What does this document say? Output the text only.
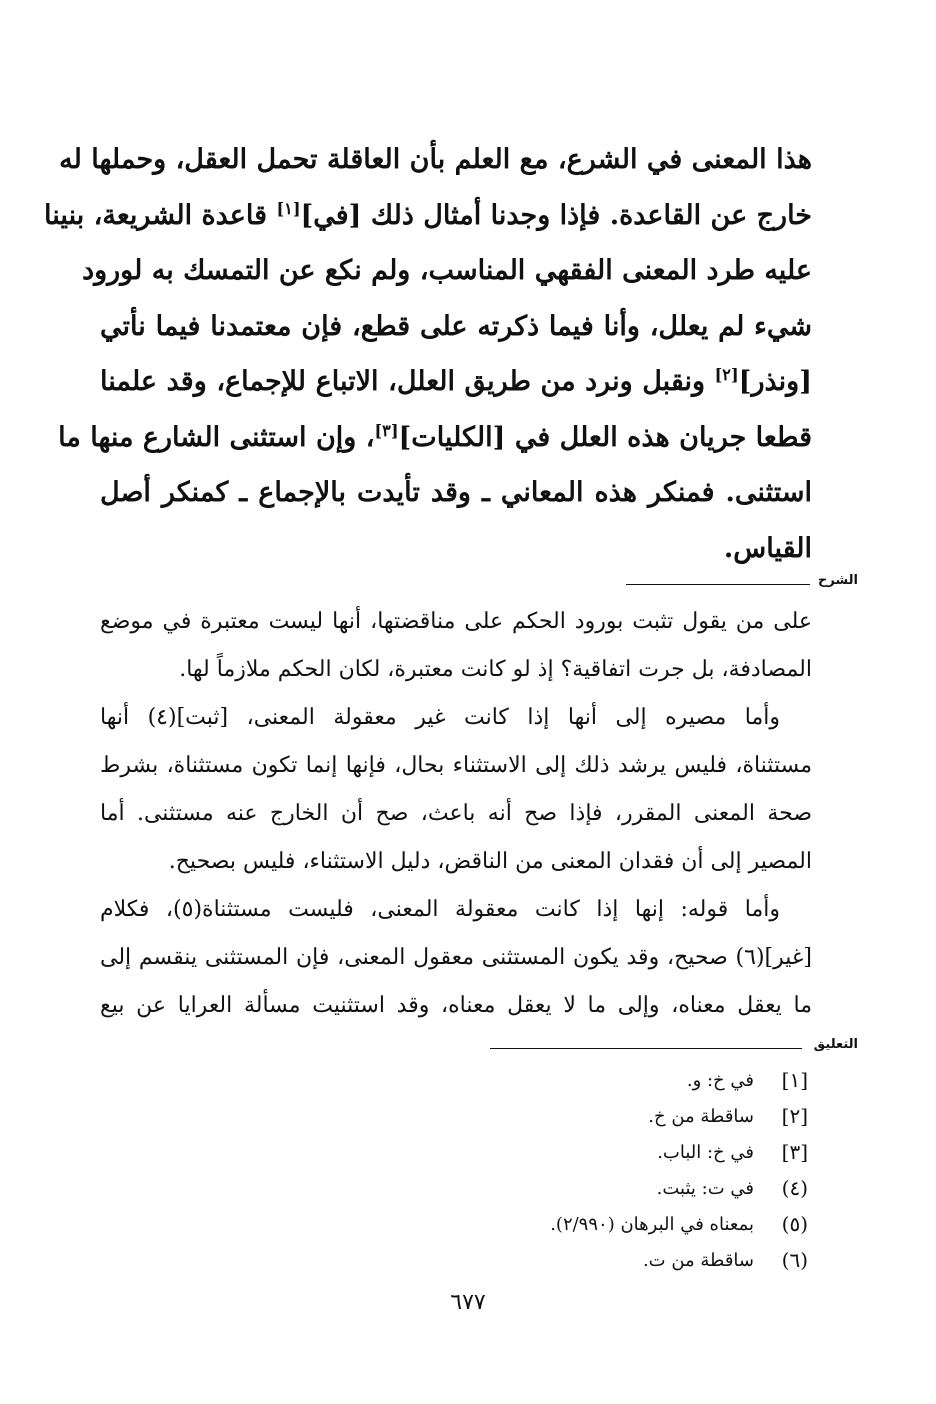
هذا المعنى في الشرع، مع العلم بأن العاقلة تحمل العقل، وحملها له
خارج عن القاعدة. فإذا وجدنا أمثال ذلك [في][١] قاعدة الشريعة، بنينا
عليه طرد المعنى الفقهي المناسب، ولم نكع عن التمسك به لورود
شيء لم يعلل، وأنا فيما ذكرته على قطع، فإن معتمدنا فيما نأتي
[ونذر][٢] ونقبل ونرد من طريق العلل، الاتباع للإجماع، وقد علمنا
قطعا جريان هذه العلل في [الكليات][٣]، وإن استثنى الشارع منها ما
استثنى. فمنكر هذه المعاني ـ وقد تأيدت بالإجماع ـ كمنكر أصل
القياس.
الشرح
على من يقول تثبت بورود الحكم على مناقضتها، أنها ليست معتبرة في موضع
المصادفة، بل جرت اتفاقية؟ إذ لو كانت معتبرة، لكان الحكم ملازماً لها.
وأما مصيره إلى أنها إذا كانت غير معقولة المعنى، [ثبت](٤) أنها
مستثناة، فليس يرشد ذلك إلى الاستثناء بحال، فإنها إنما تكون مستثناة، بشرط
صحة المعنى المقرر، فإذا صح أنه باعث، صح أن الخارج عنه مستثنى. أما
المصير إلى أن فقدان المعنى من الناقض، دليل الاستثناء، فليس بصحيح.
وأما قوله: إنها إذا كانت معقولة المعنى، فليست مستثناة(٥)، فكلام
[غير](٦) صحيح، وقد يكون المستثنى معقول المعنى، فإن المستثنى ينقسم إلى
ما يعقل معناه، وإلى ما لا يعقل معناه، وقد استثنيت مسألة العرايا عن بيع
التعليق
[١]
في خ: و.
[٢]
ساقطة من خ.
[٣]
في خ: الباب.
(٤)
في ت: يثبت.
(٥)
بمعناه في البرهان (٢/٩٩٠).
(٦)
ساقطة من ت.
٦٧٧
